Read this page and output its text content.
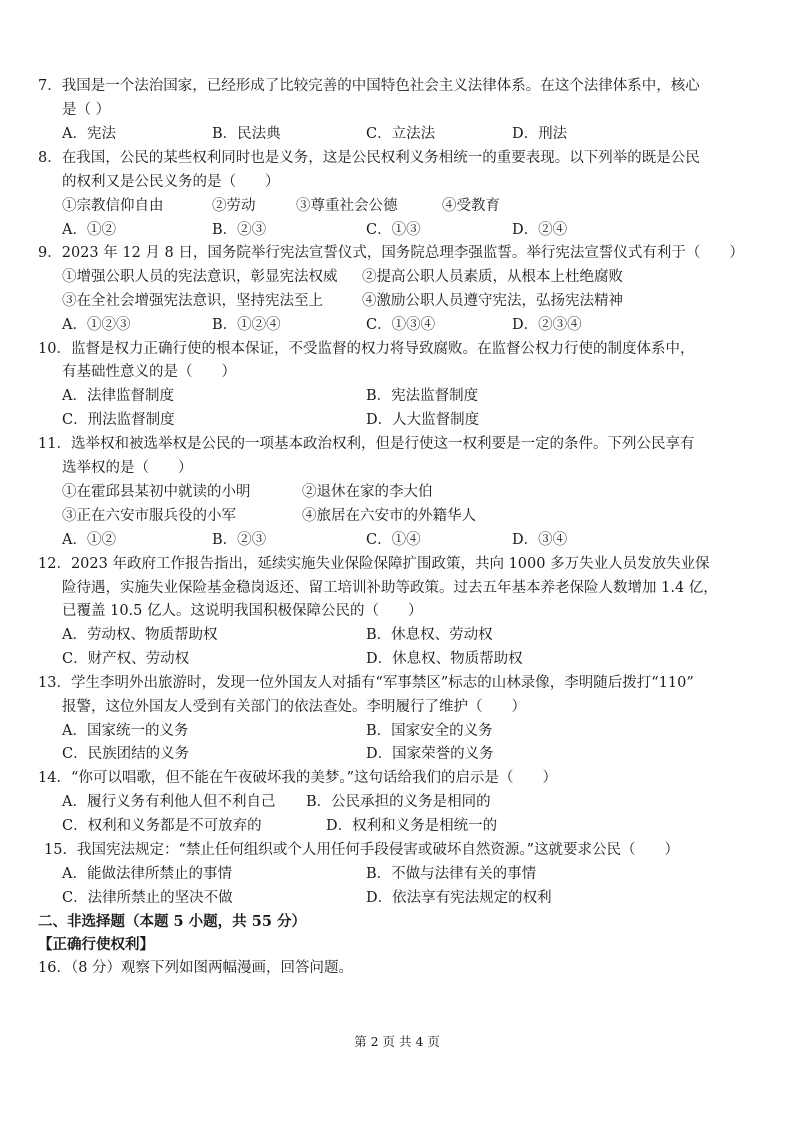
7．我国是一个法治国家，已经形成了比较完善的中国特色社会主义法律体系。在这个法律体系中，核心
是（ ）
A．宪法	B．民法典	C．立法法	D．刑法
8．在我国，公民的某些权利同时也是义务，这是公民权利义务相统一的重要表现。以下列举的既是公民
的权利又是公民义务的是（　　）
①宗教信仰自由	②劳动	③尊重社会公德	④受教育
A．①②	B．②③	C．①③	D．②④
9．2023 年 12 月 8 日，国务院举行宪法宣誓仪式，国务院总理李强监誓。举行宪法宣誓仪式有利于（　　）
①增强公职人员的宪法意识，彰显宪法权威 ②提高公职人员素质，从根本上杜绝腐败
③在全社会增强宪法意识，坚持宪法至上	④激励公职人员遵守宪法，弘扬宪法精神
A．①②③	B．①②④	C．①③④	D．②③④
10．监督是权力正确行使的根本保证，不受监督的权力将导致腐败。在监督公权力行使的制度体系中，
有基础性意义的是（　　）
A．法律监督制度	B．宪法监督制度
C．刑法监督制度	D．人大监督制度
11．选举权和被选举权是公民的一项基本政治权利，但是行使这一权利要是一定的条件。下列公民享有
选举权的是（　　）
①在霍邱县某初中就读的小明	②退休在家的李大伯
③正在六安市服兵役的小军	④旅居在六安市的外籍华人
A．①②	B．②③	C．①④	D．③④
12．2023 年政府工作报告指出，延续实施失业保险保障扩围政策，共向 1000 多万失业人员发放失业保
险待遇，实施失业保险基金稳岗返还、留工培训补助等政策。过去五年基本养老保险人数增加 1.4 亿，
已覆盖 10.5 亿人。这说明我国积极保障公民的（　　）
A．劳动权、物质帮助权	B．休息权、劳动权
C．财产权、劳动权	D．休息权、物质帮助权
13．学生李明外出旅游时，发现一位外国友人对插有“军事禁区”标志的山林录像，李明随后拨打“110”
报警，这位外国友人受到有关部门的依法查处。李明履行了维护（　　）
A．国家统一的义务	B．国家安全的义务
C．民族团结的义务	D．国家荣誉的义务
14．“你可以唱歌，但不能在午夜破坏我的美梦。”这句话给我们的启示是（　　）
A．履行义务有利他人但不利自己 B．公民承担的义务是相同的
C．权利和义务都是不可放弃的	D．权利和义务是相统一的
15．我国宪法规定：“禁止任何组织或个人用任何手段侵害或破坏自然资源。”这就要求公民（　　）
A．能做法律所禁止的事情	B．不做与法律有关的事情
C．法律所禁止的坚决不做	D．依法享有宪法规定的权利
二、非选择题（本题 5 小题，共 55 分）
【正确行使权利】
16．（8 分）观察下列如图两幅漫画，回答问题。
第 2 页 共 4 页
